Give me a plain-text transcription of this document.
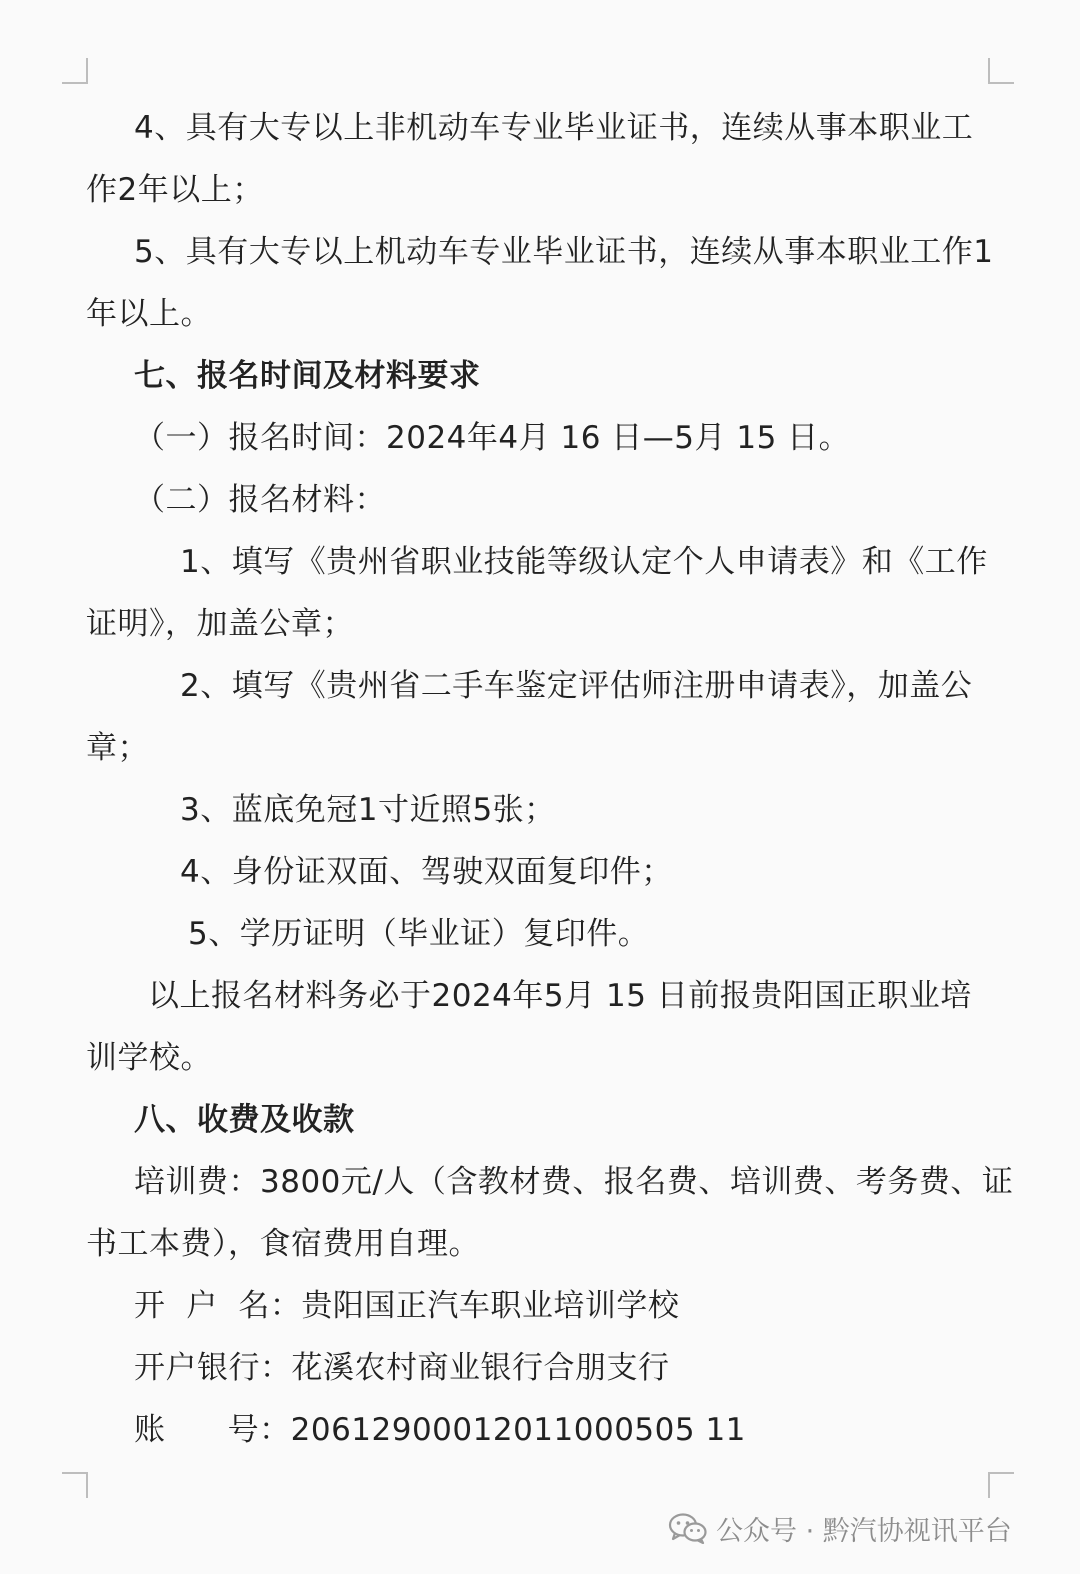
4、具有大专以上非机动车专业毕业证书，连续从事本职业工
作2年以上；
5、具有大专以上机动车专业毕业证书，连续从事本职业工作1
年以上。
七、报名时间及材料要求
（一）报名时间：2024年4月 16 日—5月 15 日。
（二）报名材料：
1、填写《贵州省职业技能等级认定个人申请表》和《工作
证明》，加盖公章；
2、填写《贵州省二手车鉴定评估师注册申请表》，加盖公
章；
3、蓝底免冠1寸近照5张；
4、身份证双面、驾驶双面复印件；
5、学历证明（毕业证）复印件。
以上报名材料务必于2024年5月 15 日前报贵阳国正职业培
训学校。
八、收费及收款
培训费：3800元/人（含教材费、报名费、培训费、考务费、证
书工本费），食宿费用自理。
开  户  名：贵阳国正汽车职业培训学校
开户银行：花溪农村商业银行合朋支行
账      号：20612900012011000505 11
公众号 · 黔汽协视讯平台
